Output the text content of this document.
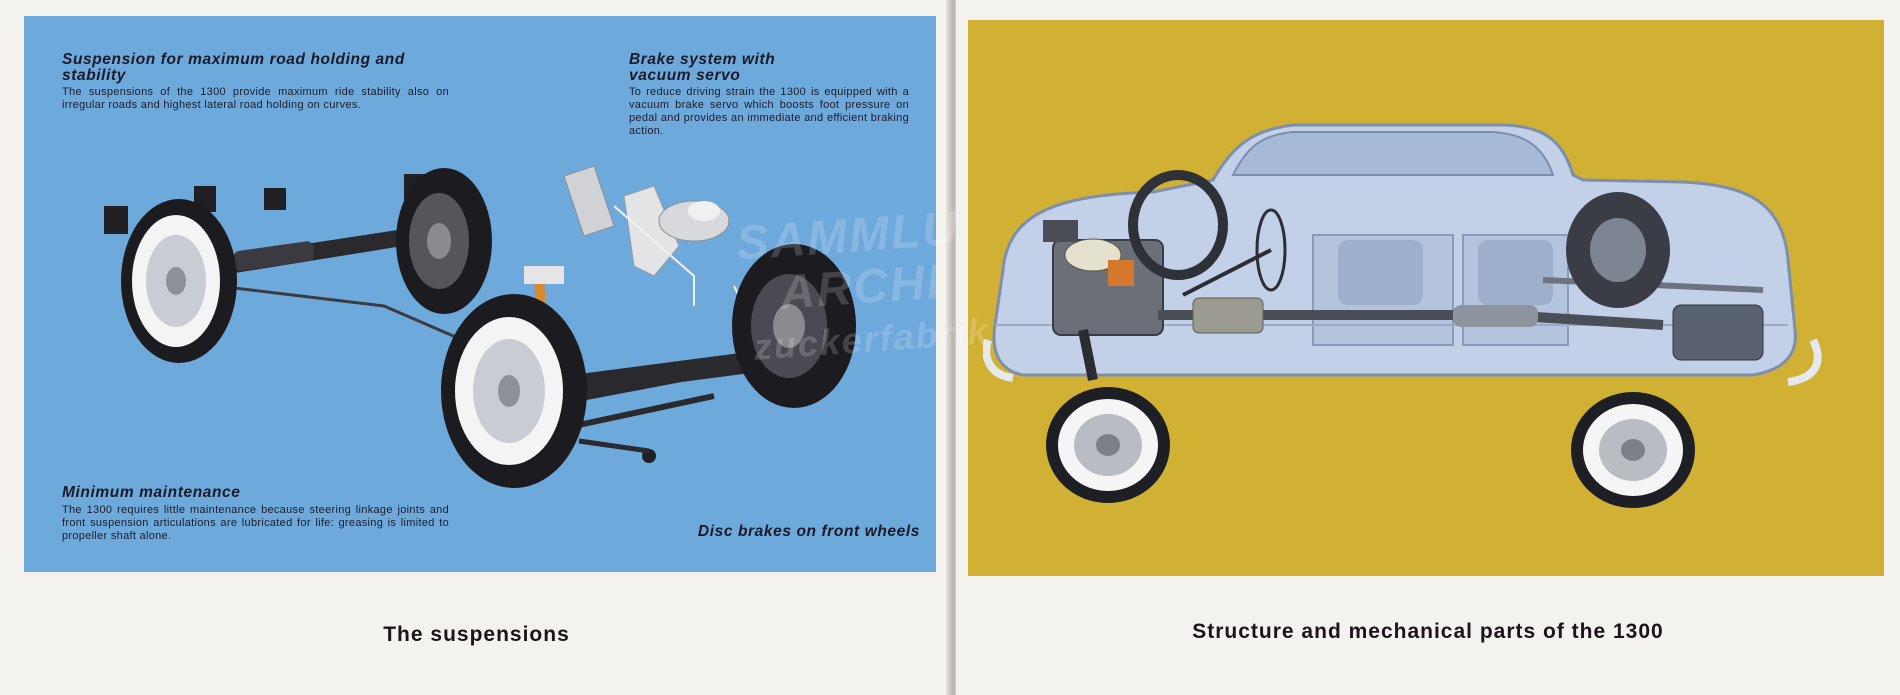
Suspension for maximum road holding and stability
The suspensions of the 1300 provide maximum ride stability also on irregular roads and highest lateral road holding on curves.
Brake system with vacuum servo
To reduce driving strain the 1300 is equipped with a vacuum brake servo which boosts foot pressure on pedal and provides an immediate and efficient braking action.
Minimum maintenance
The 1300 requires little maintenance because steering linkage joints and front suspension articulations are lubricated for life: greasing is limited to propeller shaft alone.	Disc brakes on front wheels
The suspensions	Structure and mechanical parts of the 1300
SAMMLU
ARCHI
zuckerfabrik
